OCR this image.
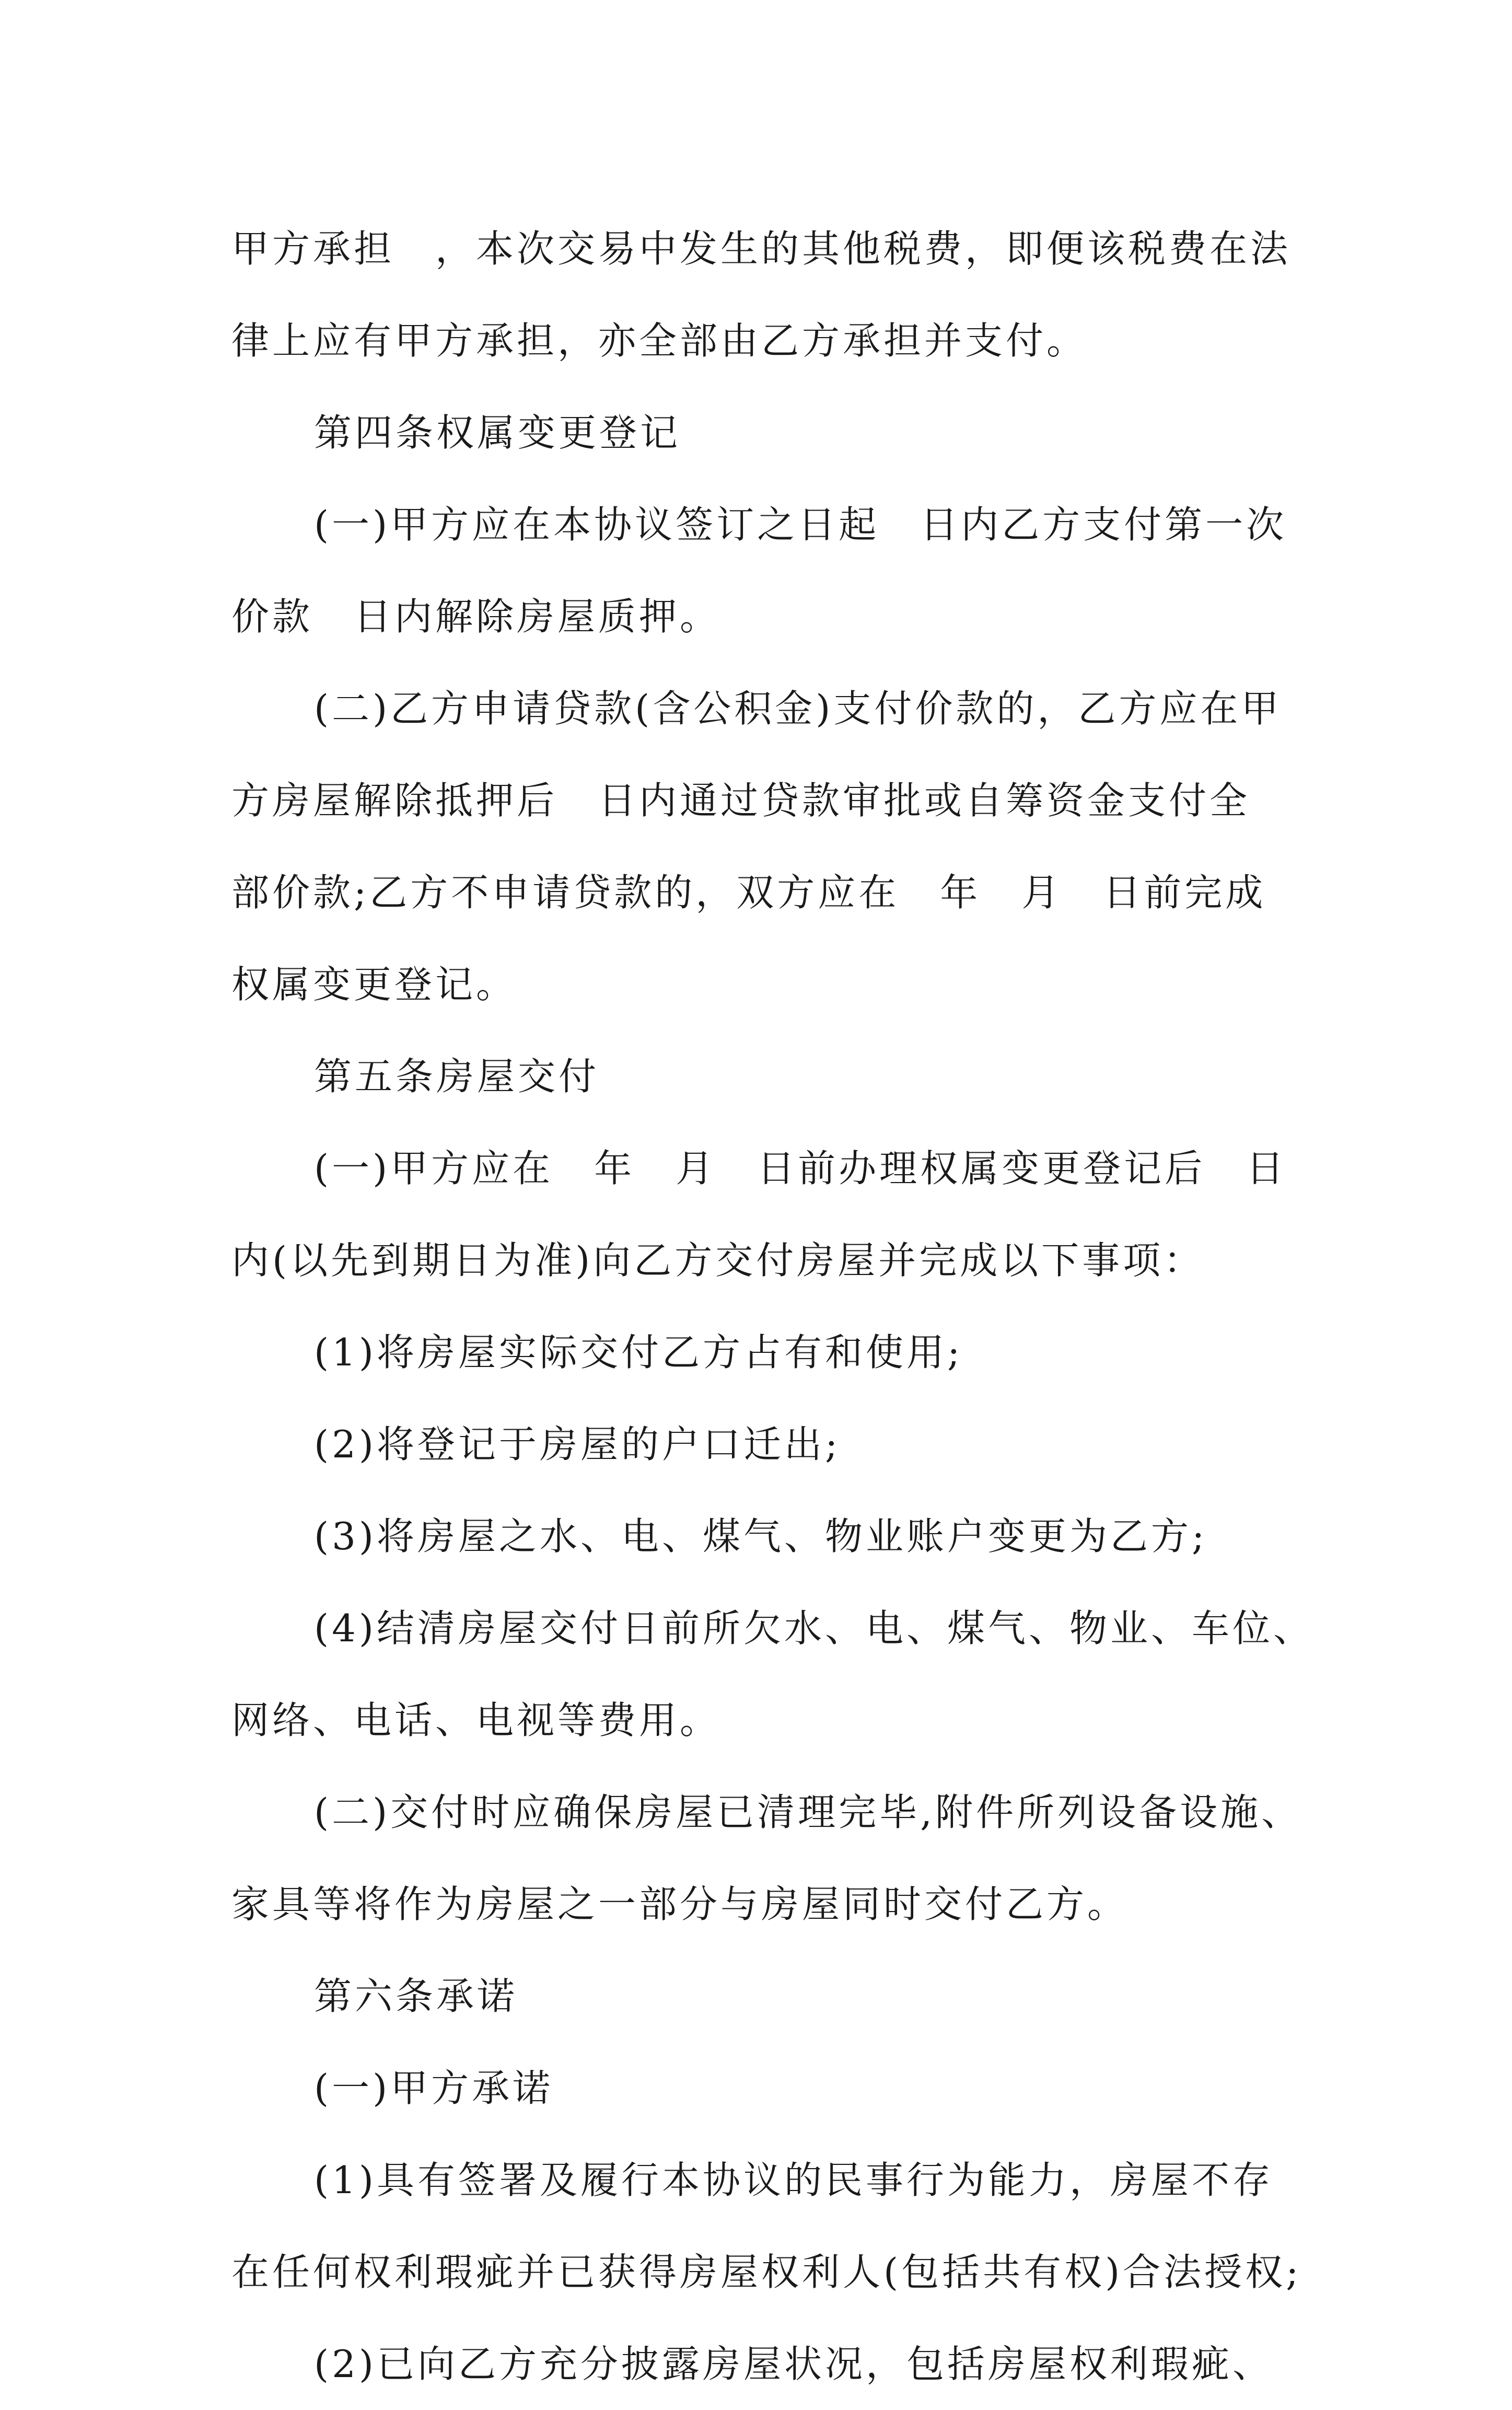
甲方承担　，本次交易中发生的其他税费，即便该税费在法
律上应有甲方承担，亦全部由乙方承担并支付。
第四条权属变更登记
(一)甲方应在本协议签订之日起　日内乙方支付第一次
价款　日内解除房屋质押。
(二)乙方申请贷款(含公积金)支付价款的，乙方应在甲
方房屋解除抵押后　日内通过贷款审批或自筹资金支付全
部价款;乙方不申请贷款的，双方应在　年　月　日前完成
权属变更登记。
第五条房屋交付
(一)甲方应在　年　月　日前办理权属变更登记后　日
内(以先到期日为准)向乙方交付房屋并完成以下事项：
(1)将房屋实际交付乙方占有和使用;
(2)将登记于房屋的户口迁出;
(3)将房屋之水、电、煤气、物业账户变更为乙方;
(4)结清房屋交付日前所欠水、电、煤气、物业、车位、
网络、电话、电视等费用。
(二)交付时应确保房屋已清理完毕,附件所列设备设施、
家具等将作为房屋之一部分与房屋同时交付乙方。
第六条承诺
(一)甲方承诺
(1)具有签署及履行本协议的民事行为能力，房屋不存
在任何权利瑕疵并已获得房屋权利人(包括共有权)合法授权;
(2)已向乙方充分披露房屋状况，包括房屋权利瑕疵、
